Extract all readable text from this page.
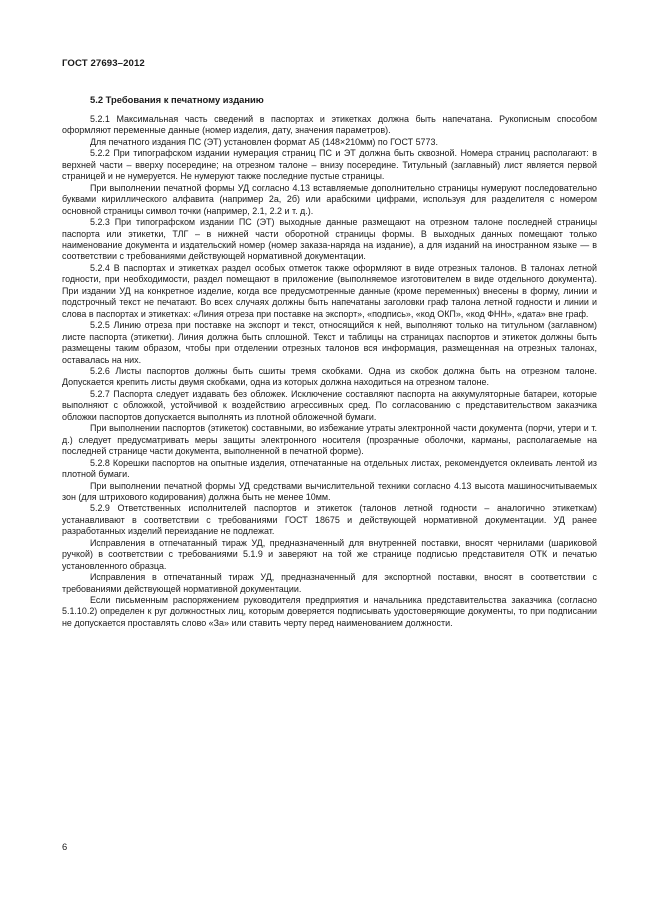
ГОСТ 27693–2012
5.2 Требования к печатному изданию

5.2.1 Максимальная часть сведений в паспортах и этикетках должна быть напечатана. Рукописным способом оформляют переменные данные (номер изделия, дату, значения параметров).

Для печатного издания ПС (ЭТ) установлен формат А5 (148×210мм) по ГОСТ 5773.

5.2.2 При типографском издании нумерация страниц ПС и ЭТ должна быть сквозной. Номера страниц располагают: в верхней части – вверху посередине; на отрезном талоне – внизу посередине. Титульный (заглавный) лист является первой страницей и не нумеруется. Не нумеруют также последние пустые страницы.

При выполнении печатной формы УД согласно 4.13 вставляемые дополнительно страницы нумеруют последовательно буквами кириллического алфавита (например 2а, 2б) или арабскими цифрами, используя для разделителя с номером основной страницы символ точки (например, 2.1, 2.2 и т. д.).

5.2.3 При типографском издании ПС (ЭТ) выходные данные размещают на отрезном талоне последней страницы паспорта или этикетки, ТЛГ – в нижней части оборотной страницы формы. В выходных данных помещают только наименование документа и издательский номер (номер заказа-наряда на издание), а для изданий на иностранном языке — в соответствии с требованиями действующей нормативной документации.

5.2.4 В паспортах и этикетках раздел особых отметок также оформляют в виде отрезных талонов. В талонах летной годности, при необходимости, раздел помещают в приложение (выполняемое изготовителем в виде отдельного документа). При издании УД на конкретное изделие, когда все предусмотренные данные (кроме переменных) внесены в форму, линии и подстрочный текст не печатают. Во всех случаях должны быть напечатаны заголовки граф талона летной годности и линии и слова в паспортах и этикетках: «Линия отреза при поставке на экспорт», «подпись», «код ОКП», «код ФНН», «дата» вне граф.

5.2.5 Линию отреза при поставке на экспорт и текст, относящийся к ней, выполняют только на титульном (заглавном) листе паспорта (этикетки). Линия должна быть сплошной. Текст и таблицы на страницах паспортов и этикеток должны быть размещены таким образом, чтобы при отделении отрезных талонов вся информация, размещенная на отрезных талонах, оставалась на них.

5.2.6 Листы паспортов должны быть сшиты тремя скобками. Одна из скобок должна быть на отрезном талоне. Допускается крепить листы двумя скобками, одна из которых должна находиться на отрезном талоне.

5.2.7 Паспорта следует издавать без обложек. Исключение составляют паспорта на аккумуляторные батареи, которые выполняют с обложкой, устойчивой к воздействию агрессивных сред. По согласованию с представительством заказчика обложки паспортов допускается выполнять из плотной обложечной бумаги.

При выполнении паспортов (этикеток) составными, во избежание утраты электронной части документа (порчи, утери и т. д.) следует предусматривать меры защиты электронного носителя (прозрачные оболочки, карманы, располагаемые на последней странице части документа, выполненной в печатной форме).

5.2.8 Корешки паспортов на опытные изделия, отпечатанные на отдельных листах, рекомендуется оклеивать лентой из плотной бумаги.

При выполнении печатной формы УД средствами вычислительной техники согласно 4.13 высота машиносчитываемых зон (для штрихового кодирования) должна быть не менее 10мм.

5.2.9 Ответственных исполнителей паспортов и этикеток (талонов летной годности – аналогично этикеткам) устанавливают в соответствии с требованиями ГОСТ 18675 и действующей нормативной документации. УД ранее разработанных изделий переиздание не подлежат.

Исправления в отпечатанный тираж УД, предназначенный для внутренней поставки, вносят чернилами (шариковой ручкой) в соответствии с требованиями 5.1.9 и заверяют на той же странице подписью представителя ОТК и печатью установленного образца.

Исправления в отпечатанный тираж УД, предназначенный для экспортной поставки, вносят в соответствии с требованиями действующей нормативной документации.

Если письменным распоряжением руководителя предприятия и начальника представительства заказчика (согласно 5.1.10.2) определен к руг должностных лиц, которым доверяется подписывать удостоверяющие документы, то при подписании не допускается проставлять слово «За» или ставить черту перед наименованием должности.

6
